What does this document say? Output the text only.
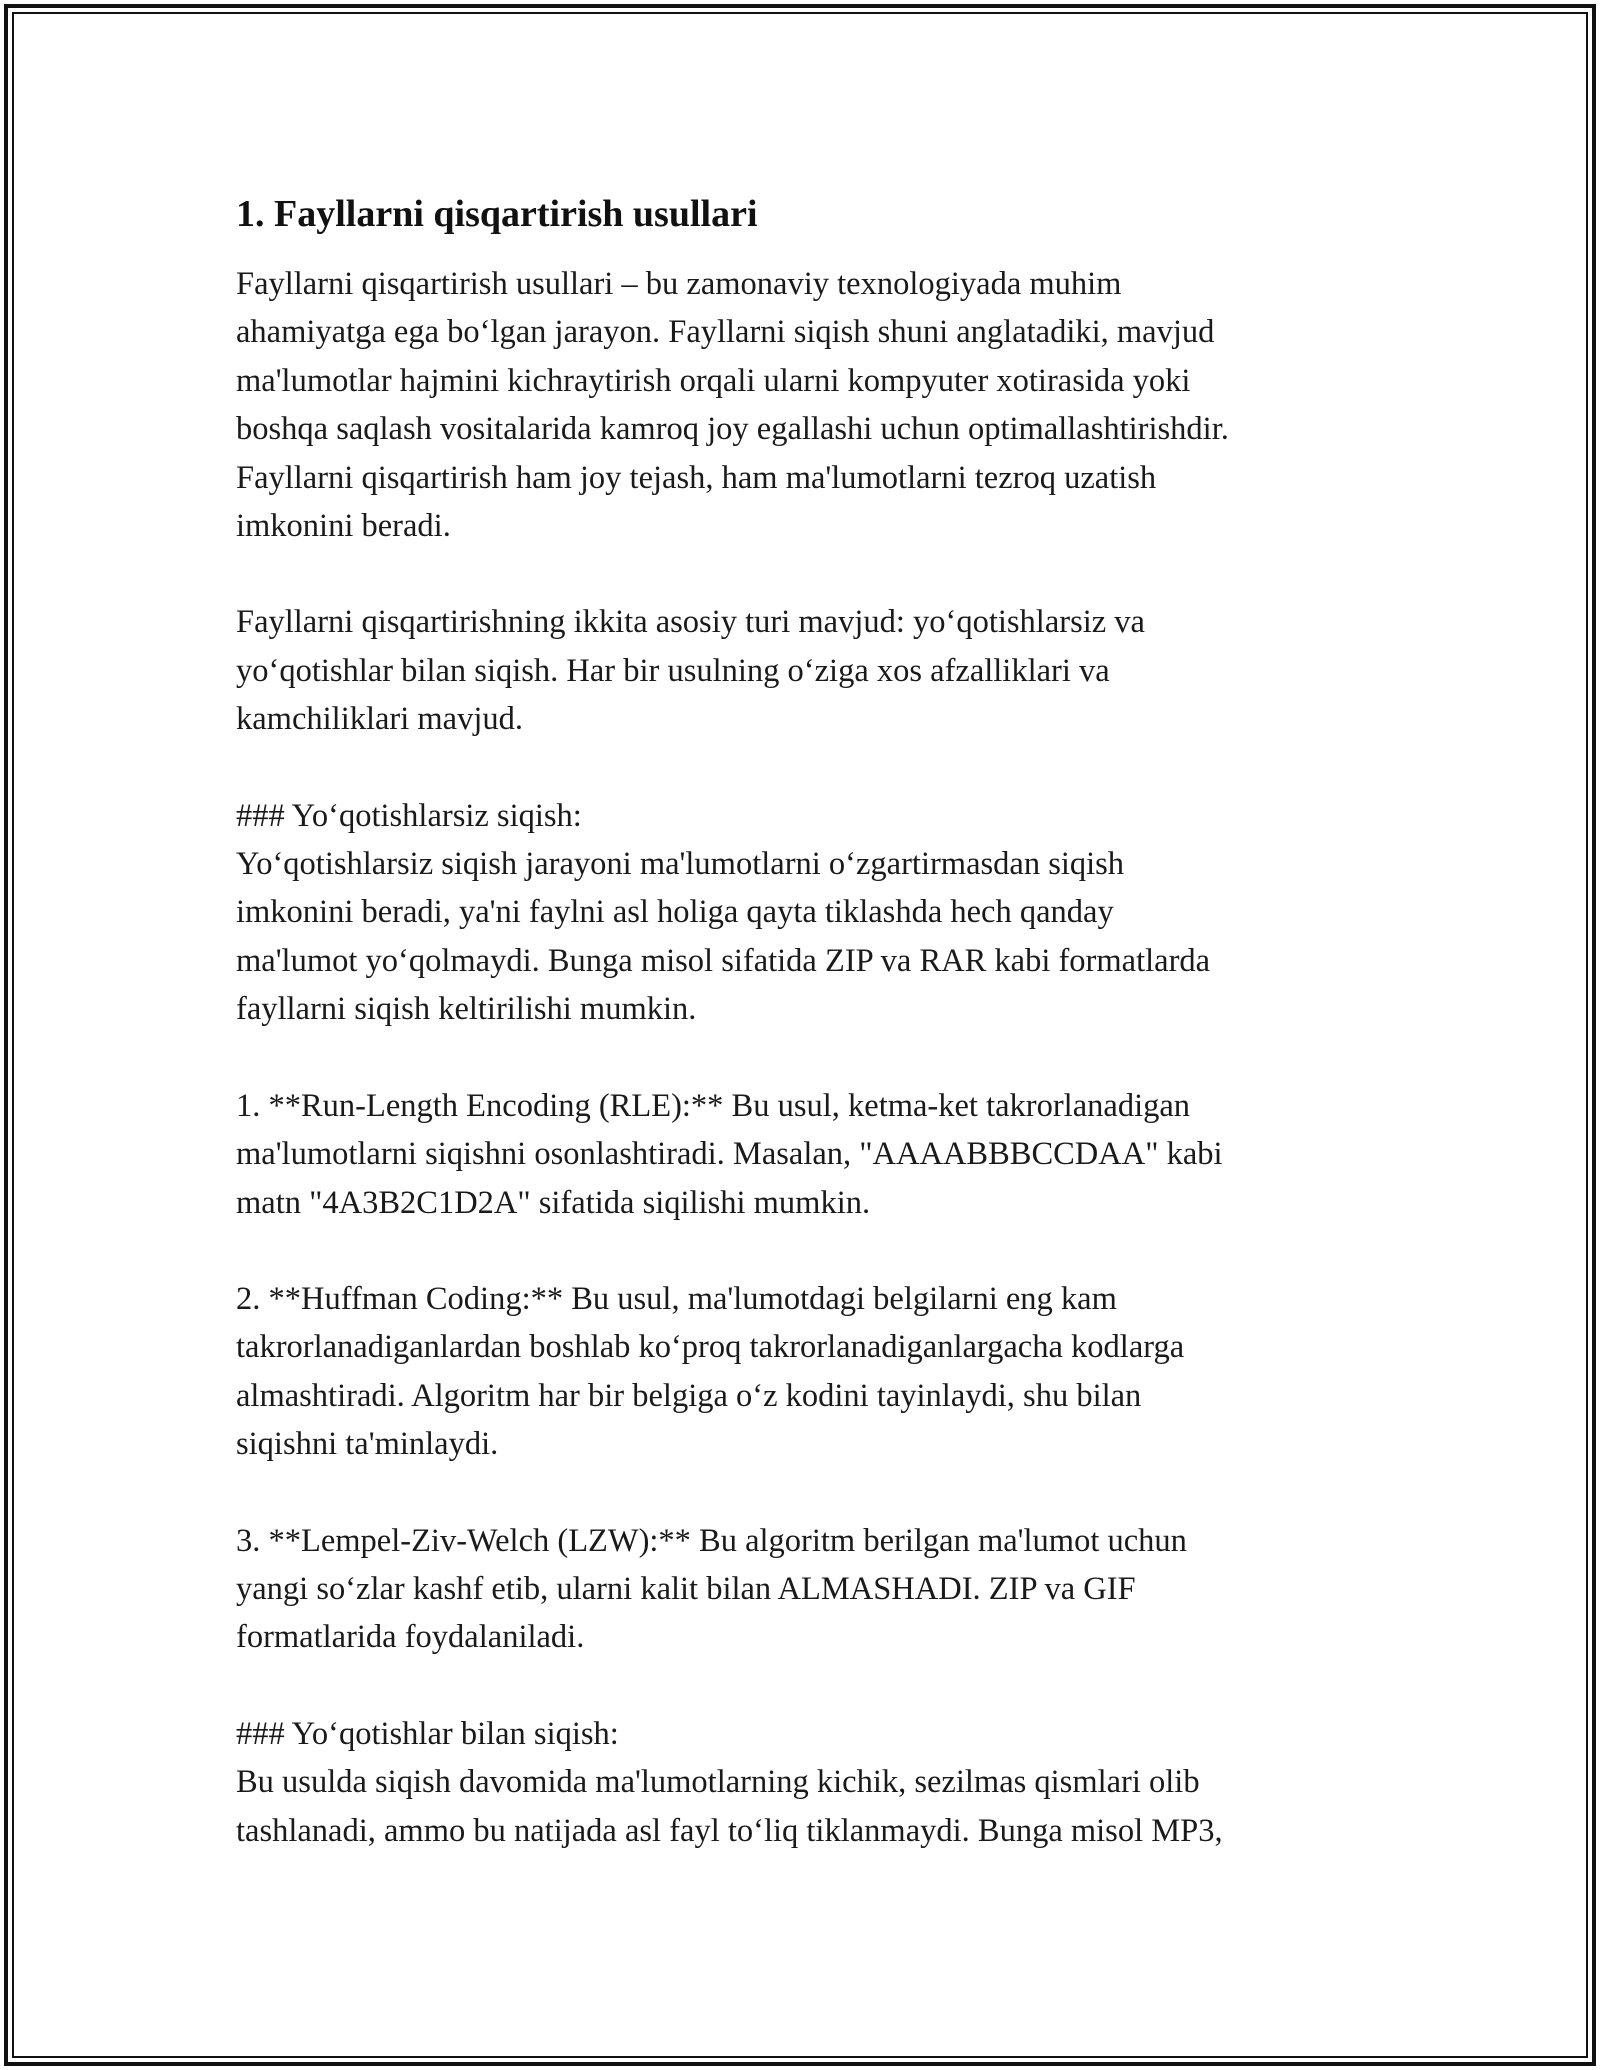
1. Fayllarni qisqartirish usullari

Fayllarni qisqartirish usullari – bu zamonaviy texnologiyada muhim
ahamiyatga ega bo‘lgan jarayon. Fayllarni siqish shuni anglatadiki, mavjud
ma'lumotlar hajmini kichraytirish orqali ularni kompyuter xotirasida yoki
boshqa saqlash vositalarida kamroq joy egallashi uchun optimallashtirishdir.
Fayllarni qisqartirish ham joy tejash, ham ma'lumotlarni tezroq uzatish
imkonini beradi.

Fayllarni qisqartirishning ikkita asosiy turi mavjud: yo‘qotishlarsiz va
yo‘qotishlar bilan siqish. Har bir usulning o‘ziga xos afzalliklari va
kamchiliklari mavjud.

### Yo‘qotishlarsiz siqish:
Yo‘qotishlarsiz siqish jarayoni ma'lumotlarni o‘zgartirmasdan siqish
imkonini beradi, ya'ni faylni asl holiga qayta tiklashda hech qanday
ma'lumot yo‘qolmaydi. Bunga misol sifatida ZIP va RAR kabi formatlarda
fayllarni siqish keltirilishi mumkin.

1. **Run-Length Encoding (RLE):** Bu usul, ketma-ket takrorlanadigan
ma'lumotlarni siqishni osonlashtiradi. Masalan, "AAAABBBCCDAA" kabi
matn "4A3B2C1D2A" sifatida siqilishi mumkin.

2. **Huffman Coding:** Bu usul, ma'lumotdagi belgilarni eng kam
takrorlanadiganlardan boshlab ko‘proq takrorlanadiganlargacha kodlarga
almashtiradi. Algoritm har bir belgiga o‘z kodini tayinlaydi, shu bilan
siqishni ta'minlaydi.

3. **Lempel-Ziv-Welch (LZW):** Bu algoritm berilgan ma'lumot uchun
yangi so‘zlar kashf etib, ularni kalit bilan ALMASHADI. ZIP va GIF
formatlarida foydalaniladi.

### Yo‘qotishlar bilan siqish:
Bu usulda siqish davomida ma'lumotlarning kichik, sezilmas qismlari olib
tashlanadi, ammo bu natijada asl fayl to‘liq tiklanmaydi. Bunga misol MP3,
